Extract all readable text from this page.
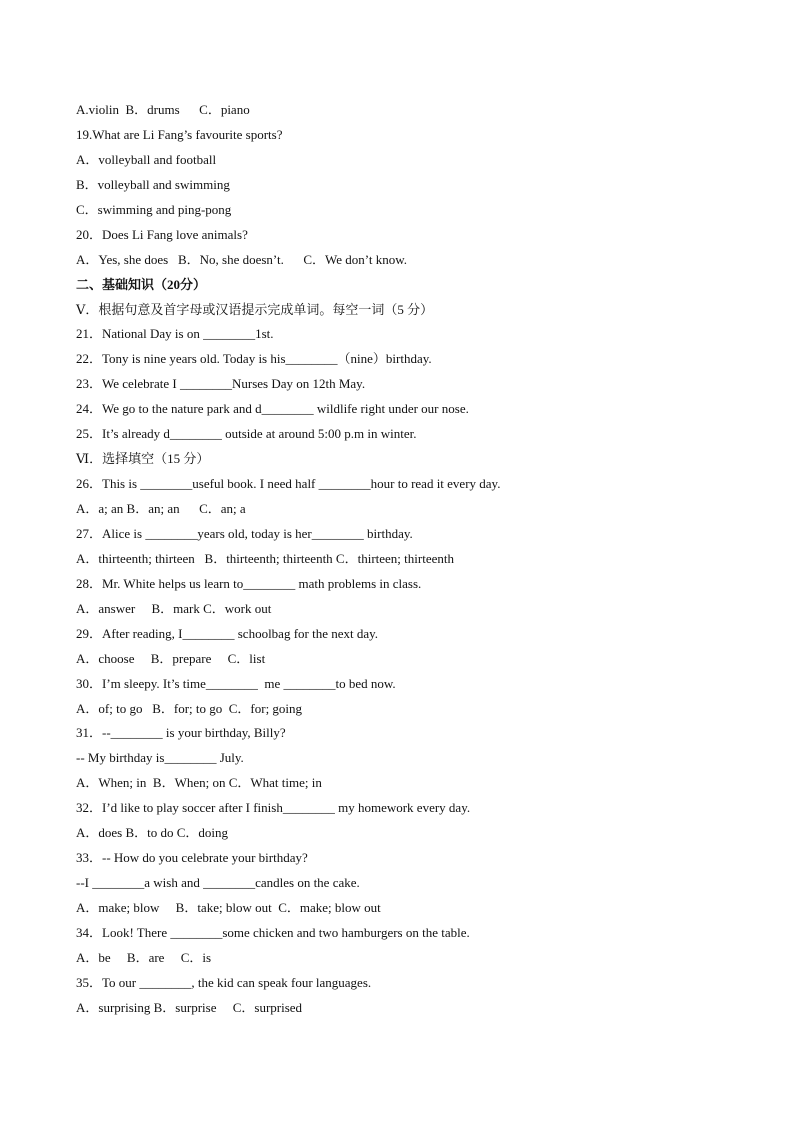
A.violin  B．drums      C．piano
19.What are Li Fang’s favourite sports?
A．volleyball and football
B．volleyball and swimming
C．swimming and ping-pong
20．Does Li Fang love animals?
A．Yes, she does   B．No, she doesn’t.      C．We don’t know.
二、基础知识（20分）
Ⅴ．根据句意及首字母或汉语提示完成单词。每空一词（5 分）
21．National Day is on ________1st.
22．Tony is nine years old. Today is his________（nine）birthday.
23．We celebrate I ________Nurses Day on 12th May.
24．We go to the nature park and d________ wildlife right under our nose.
25．It’s already d________ outside at around 5:00 p.m in winter.
Ⅵ．选择填空（15 分）
26．This is ________useful book. I need half ________hour to read it every day.
A．a; an B．an; an      C．an; a
27．Alice is ________years old, today is her________ birthday.
A．thirteenth; thirteen   B．thirteenth; thirteenth C．thirteen; thirteenth
28．Mr. White helps us learn to________ math problems in class.
A．answer     B．mark C．work out
29．After reading, I________ schoolbag for the next day.
A．choose     B．prepare     C．list
30．I’m sleepy. It’s time________  me ________to bed now.
A．of; to go   B．for; to go  C．for; going
31．--________ is your birthday, Billy?
-- My birthday is________ July.
A．When; in  B．When; on C．What time; in
32．I’d like to play soccer after I finish________ my homework every day.
A．does B．to do C．doing
33．-- How do you celebrate your birthday?
--I ________a wish and ________candles on the cake.
A．make; blow     B．take; blow out  C．make; blow out
34．Look! There ________some chicken and two hamburgers on the table.
A．be     B．are     C．is
35．To our ________, the kid can speak four languages.
A．surprising B．surprise     C．surprised
